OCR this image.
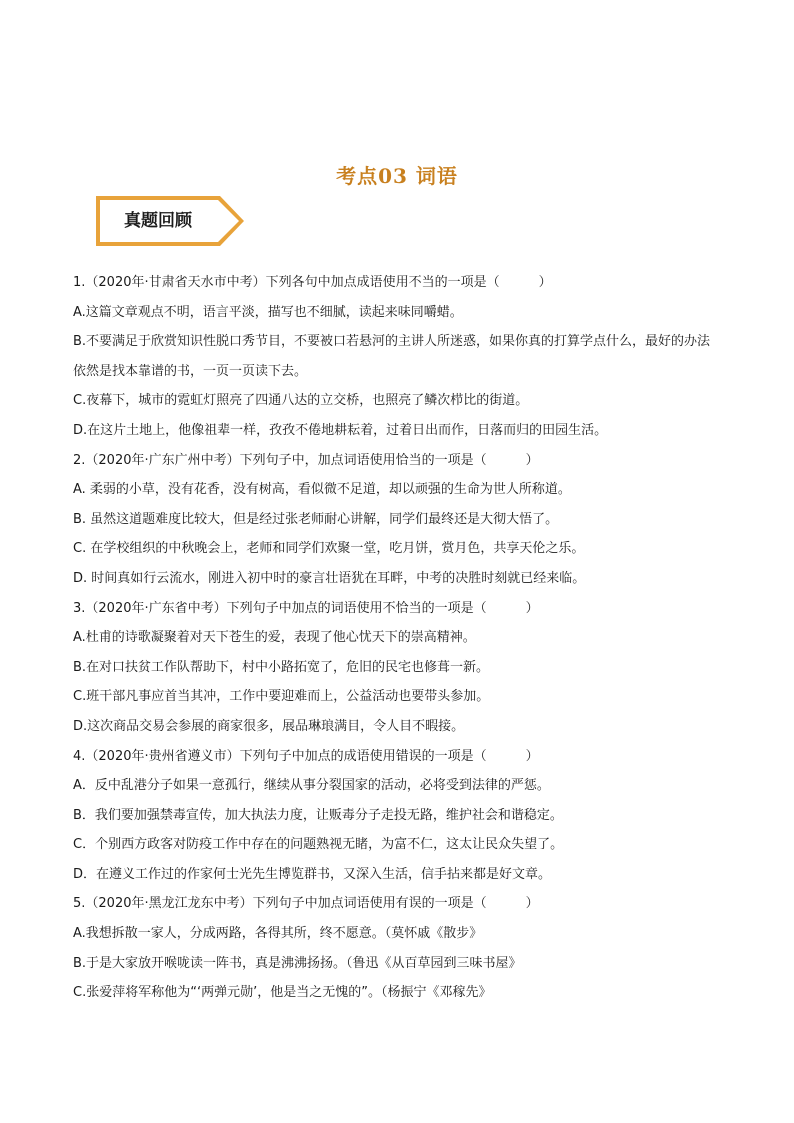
考点03 词语
真题回顾
1.（2020年·甘肃省天水市中考）下列各句中加点成语使用不当的一项是（　　　）
A.这篇文章观点不明，语言平淡，描写也不细腻，读起来味同嚼蜡。
B.不要满足于欣赏知识性脱口秀节目，不要被口若悬河的主讲人所迷惑，如果你真的打算学点什么，最好的办法依然是找本靠谱的书，一页一页读下去。
C.夜幕下，城市的霓虹灯照亮了四通八达的立交桥，也照亮了鳞次栉比的街道。
D.在这片土地上，他像祖辈一样，孜孜不倦地耕耘着，过着日出而作，日落而归的田园生活。
2.（2020年·广东广州中考）下列句子中，加点词语使用恰当的一项是（　　　）
A. 柔弱的小草，没有花香，没有树高，看似微不足道，却以顽强的生命为世人所称道。
B. 虽然这道题难度比较大，但是经过张老师耐心讲解，同学们最终还是大彻大悟了。
C. 在学校组织的中秋晚会上，老师和同学们欢聚一堂，吃月饼，赏月色，共享天伦之乐。
D. 时间真如行云流水，刚进入初中时的豪言壮语犹在耳畔，中考的决胜时刻就已经来临。
3.（2020年·广东省中考）下列句子中加点的词语使用不恰当的一项是（　　　）
A.杜甫的诗歌凝聚着对天下苍生的爱，表现了他心忧天下的崇高精神。
B.在对口扶贫工作队帮助下，村中小路拓宽了，危旧的民宅也修葺一新。
C.班干部凡事应首当其冲，工作中要迎难而上，公益活动也要带头参加。
D.这次商品交易会参展的商家很多，展品琳琅满目，令人目不暇接。
4.（2020年·贵州省遵义市）下列句子中加点的成语使用错误的一项是（　　　）
A．反中乱港分子如果一意孤行，继续从事分裂国家的活动，必将受到法律的严惩。
B．我们要加强禁毒宣传，加大执法力度，让贩毒分子走投无路，维护社会和谐稳定。
C．个别西方政客对防疫工作中存在的问题熟视无睹，为富不仁，这太让民众失望了。
D．在遵义工作过的作家何士光先生博览群书，又深入生活，信手拈来都是好文章。
5.（2020年·黑龙江龙东中考）下列句子中加点词语使用有误的一项是（　　　）
A.我想拆散一家人，分成两路，各得其所，终不愿意。（莫怀戚《散步》
B.于是大家放开喉咙读一阵书，真是沸沸扬扬。（鲁迅《从百草园到三味书屋》
C.张爱萍将军称他为“‘两弹元勋’，他是当之无愧的”。（杨振宁《邓稼先》
